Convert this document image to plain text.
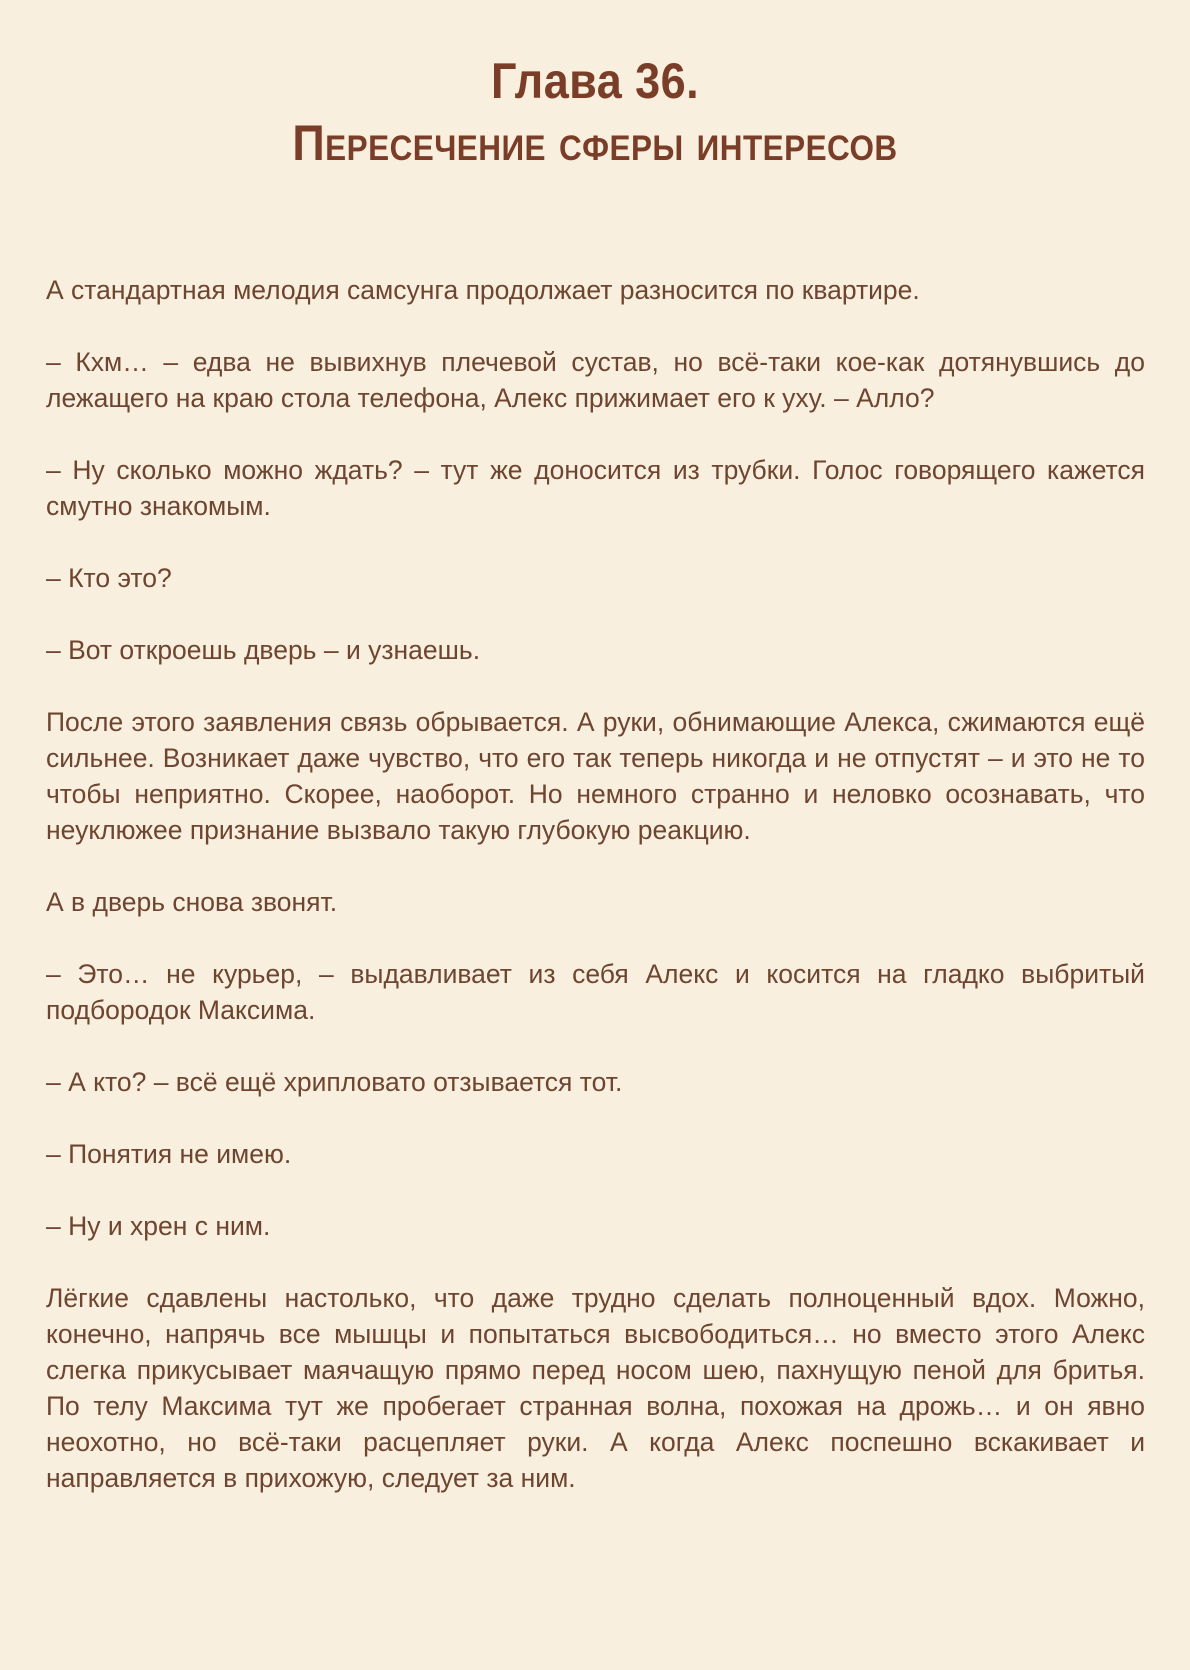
Глава 36.
Пересечение сферы интересов

А стандартная мелодия самсунга продолжает разносится по квартире.

– Кхм… – едва не вывихнув плечевой сустав, но всё-таки кое-как дотянувшись до лежащего на краю стола телефона, Алекс прижимает его к уху. – Алло?

– Ну сколько можно ждать? – тут же доносится из трубки. Голос говорящего кажется смутно знакомым.

– Кто это?

– Вот откроешь дверь – и узнаешь.

После этого заявления связь обрывается. А руки, обнимающие Алекса, сжимаются ещё сильнее. Возникает даже чувство, что его так теперь никогда и не отпустят – и это не то чтобы неприятно. Скорее, наоборот. Но немного странно и неловко осознавать, что неуклюжее признание вызвало такую глубокую реакцию.

А в дверь снова звонят.

– Это… не курьер, – выдавливает из себя Алекс и косится на гладко выбритый подбородок Максима.

– А кто? – всё ещё хрипловато отзывается тот.

– Понятия не имею.

– Ну и хрен с ним.

Лёгкие сдавлены настолько, что даже трудно сделать полноценный вдох. Можно, конечно, напрячь все мышцы и попытаться высвободиться… но вместо этого Алекс слегка прикусывает маячащую прямо перед носом шею, пахнущую пеной для бритья. По телу Максима тут же пробегает странная волна, похожая на дрожь… и он явно неохотно, но всё-таки расцепляет руки. А когда Алекс поспешно вскакивает и направляется в прихожую, следует за ним.
